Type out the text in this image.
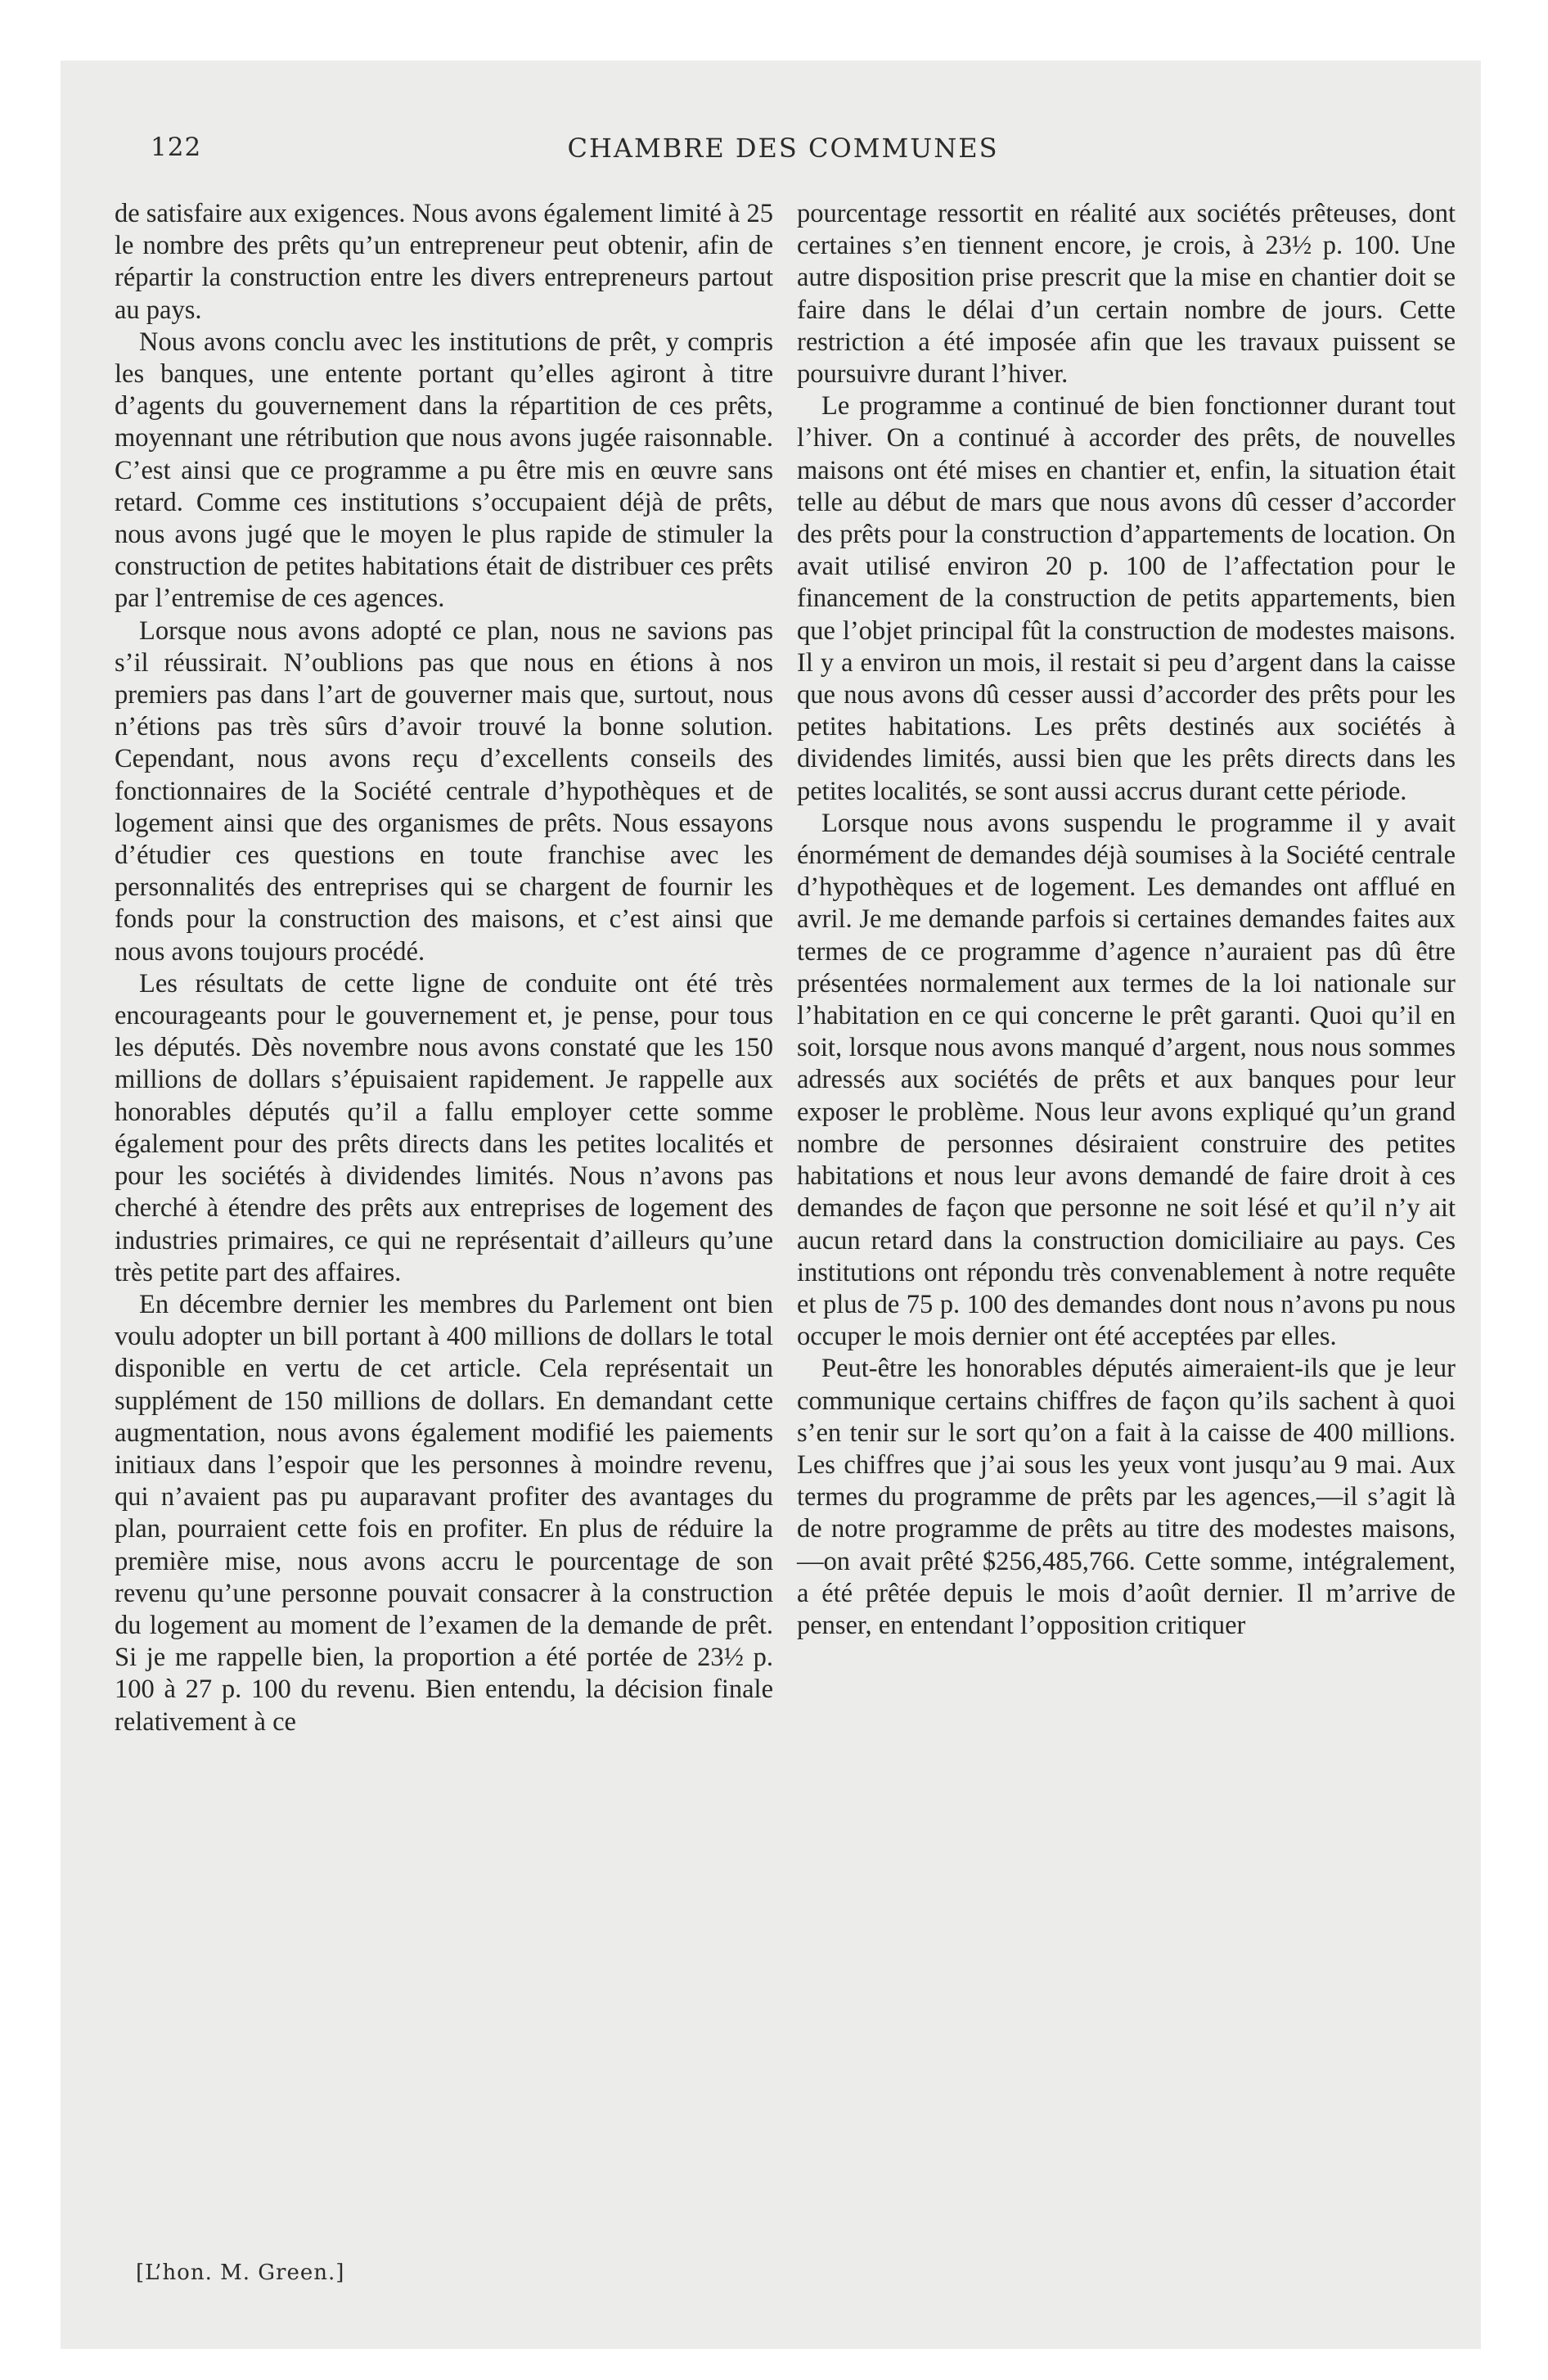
122	CHAMBRE DES COMMUNES

de satisfaire aux exigences. Nous avons également limité à 25 le nombre des prêts qu’un entrepreneur peut obtenir, afin de répartir la construction entre les divers entrepreneurs partout au pays.

Nous avons conclu avec les institutions de prêt, y compris les banques, une entente portant qu’elles agiront à titre d’agents du gouvernement dans la répartition de ces prêts, moyennant une rétribution que nous avons jugée raisonnable. C’est ainsi que ce programme a pu être mis en œuvre sans retard. Comme ces institutions s’occupaient déjà de prêts, nous avons jugé que le moyen le plus rapide de stimuler la construction de petites habitations était de distribuer ces prêts par l’entremise de ces agences.

Lorsque nous avons adopté ce plan, nous ne savions pas s’il réussirait. N’oublions pas que nous en étions à nos premiers pas dans l’art de gouverner mais que, surtout, nous n’étions pas très sûrs d’avoir trouvé la bonne solution. Cependant, nous avons reçu d’excellents conseils des fonctionnaires de la Société centrale d’hypothèques et de logement ainsi que des organismes de prêts. Nous essayons d’étudier ces questions en toute franchise avec les personnalités des entreprises qui se chargent de fournir les fonds pour la construction des maisons, et c’est ainsi que nous avons toujours procédé.

Les résultats de cette ligne de conduite ont été très encourageants pour le gouvernement et, je pense, pour tous les députés. Dès novembre nous avons constaté que les 150 millions de dollars s’épuisaient rapidement. Je rappelle aux honorables députés qu’il a fallu employer cette somme également pour des prêts directs dans les petites localités et pour les sociétés à dividendes limités. Nous n’avons pas cherché à étendre des prêts aux entreprises de logement des industries primaires, ce qui ne représentait d’ailleurs qu’une très petite part des affaires.

En décembre dernier les membres du Parlement ont bien voulu adopter un bill portant à 400 millions de dollars le total disponible en vertu de cet article. Cela représentait un supplément de 150 millions de dollars. En demandant cette augmentation, nous avons également modifié les paiements initiaux dans l’espoir que les personnes à moindre revenu, qui n’avaient pas pu auparavant profiter des avantages du plan, pourraient cette fois en profiter. En plus de réduire la première mise, nous avons accru le pourcentage de son revenu qu’une personne pouvait consacrer à la construction du logement au moment de l’examen de la demande de prêt. Si je me rappelle bien, la proportion a été portée de 23½ p. 100 à 27 p. 100 du revenu. Bien entendu, la décision finale relativement à ce

pourcentage ressortit en réalité aux sociétés prêteuses, dont certaines s’en tiennent encore, je crois, à 23½ p. 100. Une autre disposition prise prescrit que la mise en chantier doit se faire dans le délai d’un certain nombre de jours. Cette restriction a été imposée afin que les travaux puissent se poursuivre durant l’hiver.

Le programme a continué de bien fonctionner durant tout l’hiver. On a continué à accorder des prêts, de nouvelles maisons ont été mises en chantier et, enfin, la situation était telle au début de mars que nous avons dû cesser d’accorder des prêts pour la construction d’appartements de location. On avait utilisé environ 20 p. 100 de l’affectation pour le financement de la construction de petits appartements, bien que l’objet principal fût la construction de modestes maisons. Il y a environ un mois, il restait si peu d’argent dans la caisse que nous avons dû cesser aussi d’accorder des prêts pour les petites habitations. Les prêts destinés aux sociétés à dividendes limités, aussi bien que les prêts directs dans les petites localités, se sont aussi accrus durant cette période.

Lorsque nous avons suspendu le programme il y avait énormément de demandes déjà soumises à la Société centrale d’hypothèques et de logement. Les demandes ont afflué en avril. Je me demande parfois si certaines demandes faites aux termes de ce programme d’agence n’auraient pas dû être présentées normalement aux termes de la loi nationale sur l’habitation en ce qui concerne le prêt garanti. Quoi qu’il en soit, lorsque nous avons manqué d’argent, nous nous sommes adressés aux sociétés de prêts et aux banques pour leur exposer le problème. Nous leur avons expliqué qu’un grand nombre de personnes désiraient construire des petites habitations et nous leur avons demandé de faire droit à ces demandes de façon que personne ne soit lésé et qu’il n’y ait aucun retard dans la construction domiciliaire au pays. Ces institutions ont répondu très convenablement à notre requête et plus de 75 p. 100 des demandes dont nous n’avons pu nous occuper le mois dernier ont été acceptées par elles.

Peut-être les honorables députés aimeraient-ils que je leur communique certains chiffres de façon qu’ils sachent à quoi s’en tenir sur le sort qu’on a fait à la caisse de 400 millions. Les chiffres que j’ai sous les yeux vont jusqu’au 9 mai. Aux termes du programme de prêts par les agences,—il s’agit là de notre programme de prêts au titre des modestes maisons,—on avait prêté $256,485,766. Cette somme, intégralement, a été prêtée depuis le mois d’août dernier. Il m’arrive de penser, en entendant l’opposition critiquer

[L’hon. M. Green.]
